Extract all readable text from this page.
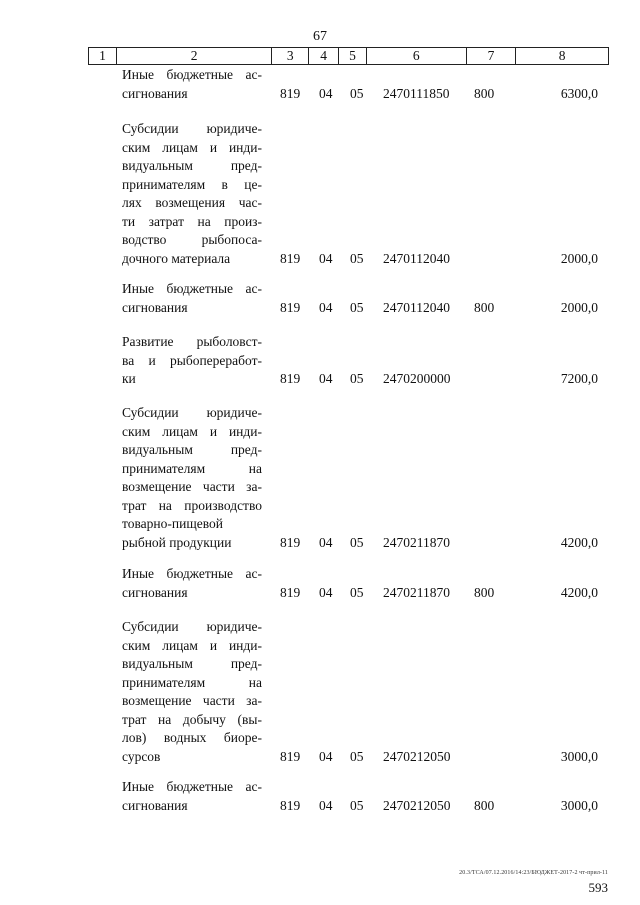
67
1	2	3	4	5	6	7	8
Иные бюджетные ас-
сигнования	819 04 05 2470111850 800	6300,0
Субсидии юридиче-
ским лицам и инди-
видуальным пред-
принимателям в це-
лях возмещения час-
ти затрат на произ-
водство рыбопоса-
дочного материала	819 04 05 2470112040	2000,0
Иные бюджетные ас-
сигнования	819 04 05 2470112040 800	2000,0
Развитие рыболовст-
ва и рыбопереработ-
ки	819 04 05 2470200000	7200,0
Субсидии юридиче-
ским лицам и инди-
видуальным пред-
принимателям на
возмещение части за-
трат на производство
товарно-пищевой
рыбной продукции	819 04 05 2470211870	4200,0
Иные бюджетные ас-
сигнования	819 04 05 2470211870 800	4200,0
Субсидии юридиче-
ским лицам и инди-
видуальным пред-
принимателям на
возмещение части за-
трат на добычу (вы-
лов) водных биоре-
сурсов	819 04 05 2470212050	3000,0
Иные бюджетные ас-
сигнования	819 04 05 2470212050 800	3000,0
20.3/ТСА/07.12.2016/14:23/БЮДЖЕТ-2017-2 чт-прил-11
593
